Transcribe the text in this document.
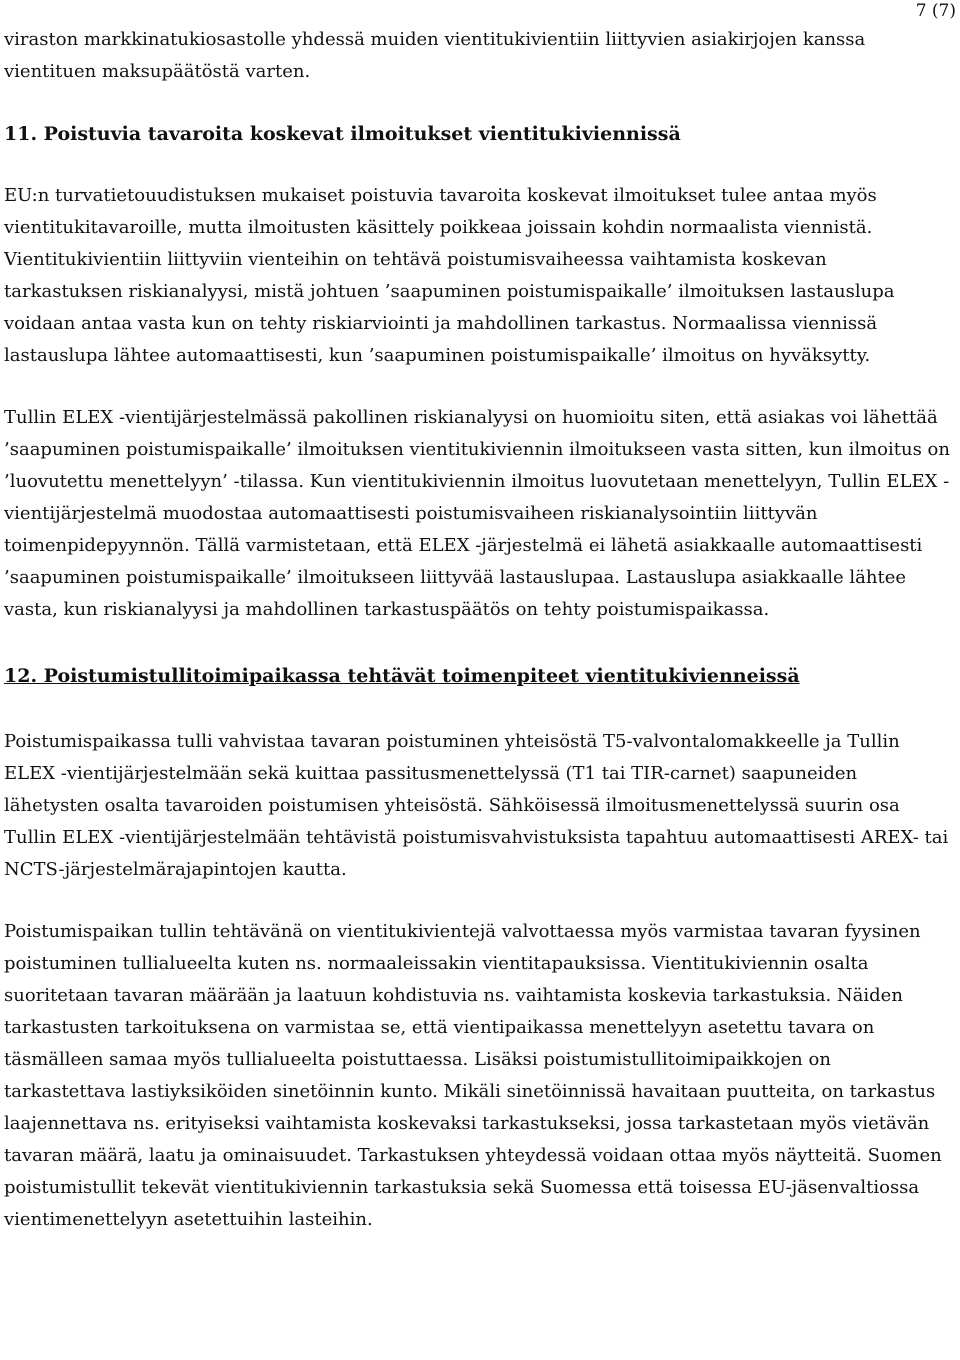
7 (7)

viraston markkinatukiosastolle yhdessä muiden vientitukivientiin liittyvien asiakirjojen kanssa vientituen maksupäätöstä varten.

11. Poistuvia tavaroita koskevat ilmoitukset vientitukiviennissä

EU:n turvatietouudistuksen mukaiset poistuvia tavaroita koskevat ilmoitukset tulee antaa myös vientitukitavaroille, mutta ilmoitusten käsittely poikkeaa joissain kohdin normaalista viennistä. Vientitukivientiin liittyviin vienteihin on tehtävä poistumisvaiheessa vaihtamista koskevan tarkastuksen riskianalyysi, mistä johtuen ’saapuminen poistumispaikalle’ ilmoituksen lastauslupa voidaan antaa vasta kun on tehty riskiarviointi ja mahdollinen tarkastus. Normaalissa viennissä lastauslupa lähtee automaattisesti, kun ’saapuminen poistumispaikalle’ ilmoitus on hyväksytty.

Tullin ELEX -vientijärjestelmässä pakollinen riskianalyysi on huomioitu siten, että asiakas voi lähettää ’saapuminen poistumispaikalle’ ilmoituksen vientitukiviennin ilmoitukseen vasta sitten, kun ilmoitus on ’luovutettu menettelyyn’ -tilassa. Kun vientitukiviennin ilmoitus luovutetaan menettelyyn, Tullin ELEX -vientijärjestelmä muodostaa automaattisesti poistumisvaiheen riskianalysointiin liittyvän toimenpidepyynnön. Tällä varmistetaan, että ELEX -järjestelmä ei lähetä asiakkaalle automaattisesti ’saapuminen poistumispaikalle’ ilmoitukseen liittyvää lastauslupaa. Lastauslupa asiakkaalle lähtee vasta, kun riskianalyysi ja mahdollinen tarkastuspäätös on tehty poistumispaikassa.

12. Poistumistullitoimipaikassa tehtävät toimenpiteet vientitukivienneissä

Poistumispaikassa tulli vahvistaa tavaran poistuminen yhteisöstä T5-valvontalomakkeelle ja Tullin ELEX -vientijärjestelmään sekä kuittaa passitusmenettelyssä (T1 tai TIR-carnet) saapuneiden lähetysten osalta tavaroiden poistumisen yhteisöstä. Sähköisessä ilmoitusmenettelyssä suurin osa Tullin ELEX -vientijärjestelmään tehtävistä poistumisvahvistuksista tapahtuu automaattisesti AREX- tai NCTS-järjestelmärajapintojen kautta.

Poistumispaikan tullin tehtävänä on vientitukivientejä valvottaessa myös varmistaa tavaran fyysinen poistuminen tullialueelta kuten ns. normaaleissakin vientitapauksissa. Vientitukiviennin osalta suoritetaan tavaran määrään ja laatuun kohdistuvia ns. vaihtamista koskevia tarkastuksia. Näiden tarkastusten tarkoituksena on varmistaa se, että vientipaikassa menettelyyn asetettu tavara on täsmälleen samaa myös tullialueelta poistuttaessa. Lisäksi poistumistullitoimipaikkojen on tarkastettava lastiyksiköiden sinetöinnin kunto. Mikäli sinetöinnissä havaitaan puutteita, on tarkastus laajennettava ns. erityiseksi vaihtamista koskevaksi tarkastukseksi, jossa tarkastetaan myös vietävän tavaran määrä, laatu ja ominaisuudet. Tarkastuksen yhteydessä voidaan ottaa myös näytteitä. Suomen poistumistullit tekevät vientitukiviennin tarkastuksia sekä Suomessa että toisessa EU-jäsenvaltiossa vientimenettelyyn asetettuihin lasteihin.
